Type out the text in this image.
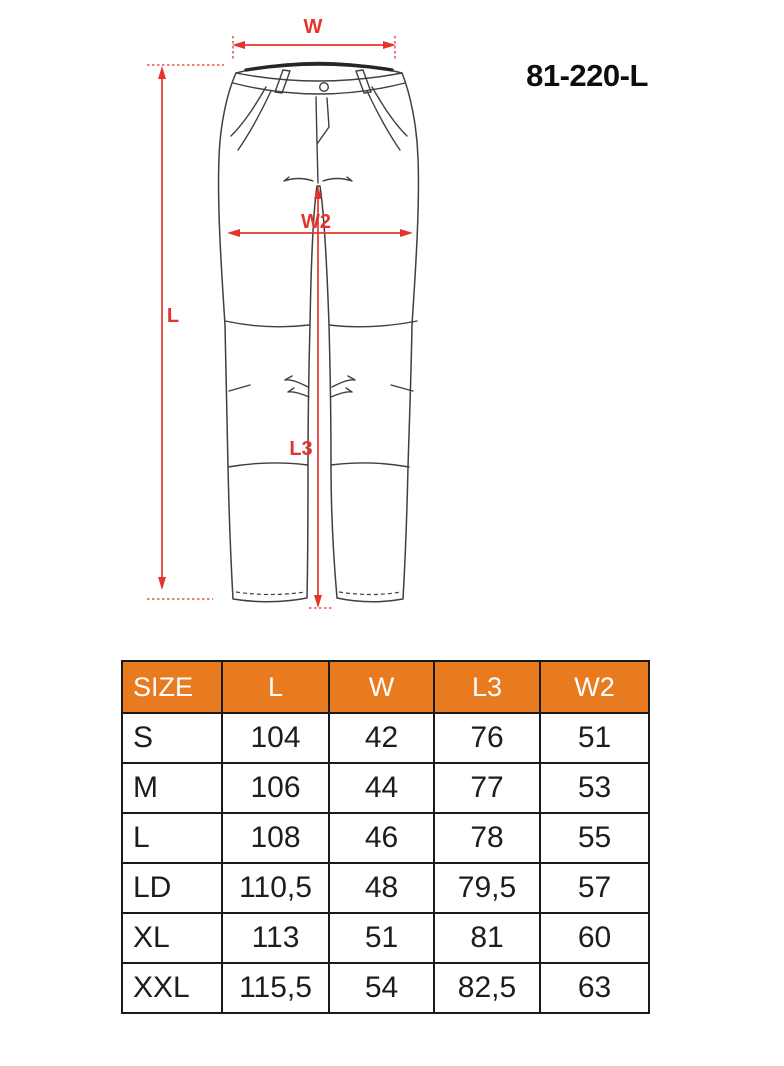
W
L
W2
L3
81-220-L
SIZE	L	W	L3	W2
S	104	42	76	51
M	106	44	77	53
L	108	46	78	55
LD	110,5	48	79,5	57
XL	113	51	81	60
XXL	115,5	54	82,5	63
